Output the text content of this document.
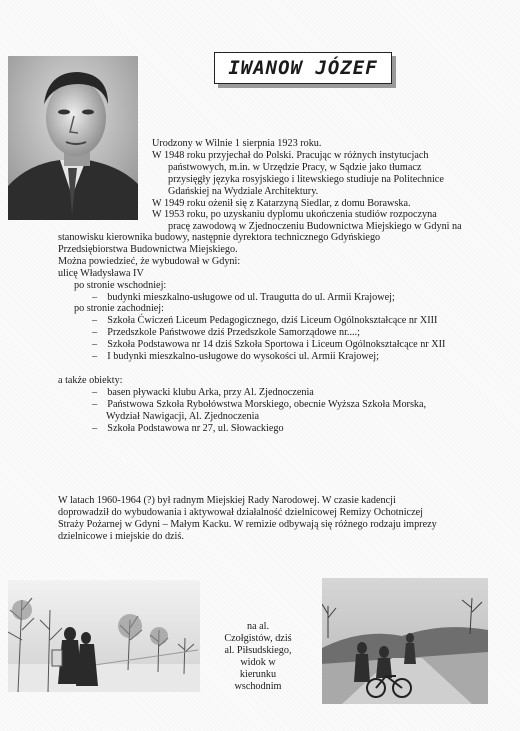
IWANOW JÓZEF
Urodzony w Wilnie 1 sierpnia 1923 roku.
W 1948 roku przyjechał do Polski. Pracując w różnych instytucjach
państwowych, m.in. w Urzędzie Pracy, w Sądzie jako tłumacz
przysięgły języka rosyjskiego i litewskiego studiuje na Politechnice
Gdańskiej na Wydziale Architektury.
W 1949 roku ożenił się z Katarzyną Siedlar, z domu Borawska.
W 1953 roku, po uzyskaniu dyplomu ukończenia studiów rozpoczyna
pracę zawodową w Zjednoczeniu Budownictwa Miejskiego w Gdyni na
stanowisku kierownika budowy, następnie dyrektora technicznego Gdyńskiego
Przedsiębiorstwa Budownictwa Miejskiego.
Można powiedzieć, że wybudował w Gdyni:
ulicę Władysława IV
po stronie wschodniej:
– budynki mieszkalno-usługowe od ul. Traugutta do ul. Armii Krajowej;
po stronie zachodniej:
– Szkoła Ćwiczeń Liceum Pedagogicznego, dziś Liceum Ogólnokształcące nr XIII
– Przedszkole Państwowe dziś Przedszkole Samorządowe nr....;
– Szkoła Podstawowa nr 14 dziś Szkoła Sportowa i Liceum Ogólnokształcące nr XII
– I budynki mieszkalno-usługowe do wysokości ul. Armii Krajowej;
a także obiekty:
– basen pływacki klubu Arka, przy Al. Zjednoczenia
– Państwowa Szkoła Rybołówstwa Morskiego, obecnie Wyższa Szkoła Morska,
Wydział Nawigacji, Al. Zjednoczenia
– Szkoła Podstawowa nr 27, ul. Słowackiego
W latach 1960-1964 (?) był radnym Miejskiej Rady Narodowej. W czasie kadencji
doprowadził do wybudowania i aktywował działalność dzielnicowej Remizy Ochotniczej
Straży Pożarnej w Gdyni – Małym Kacku. W remizie odbywają się różnego rodzaju imprezy
dzielnicowe i miejskie do dziś.
na al.
Czołgistów, dziś
al. Piłsudskiego,
widok w
kierunku
wschodnim
